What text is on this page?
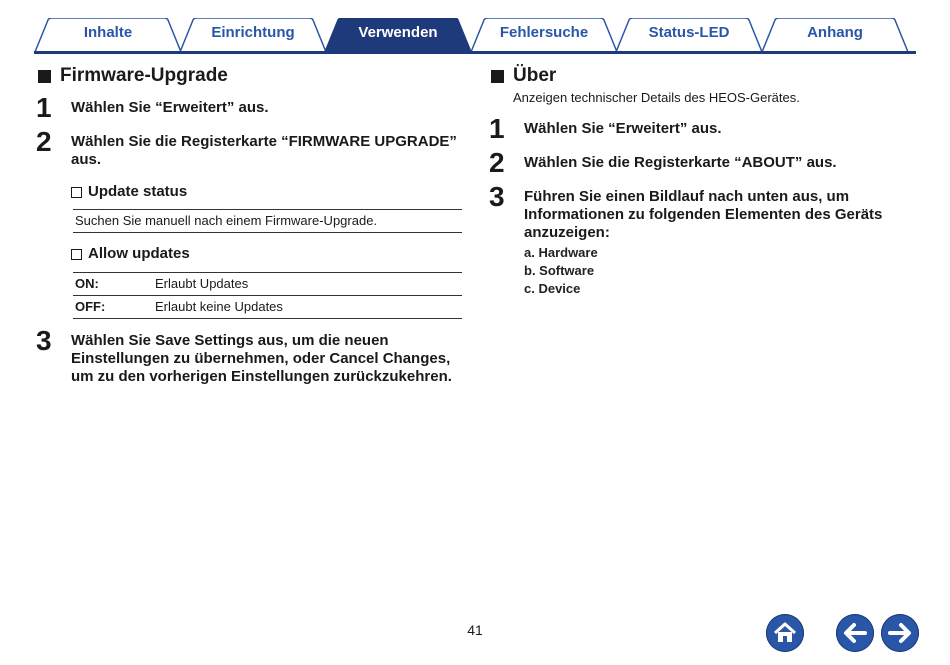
Inhalte	Einrichtung	Verwenden	Fehlersuche	Status-LED	Anhang
Firmware-Upgrade
1 Wählen Sie “Erweitert” aus.
2 Wählen Sie die Registerkarte “FIRMWARE UPGRADE” aus.
Update status
Suchen Sie manuell nach einem Firmware-Upgrade.
Allow updates
ON:	Erlaubt Updates
OFF:	Erlaubt keine Updates
3 Wählen Sie Save Settings aus, um die neuen Einstellungen zu übernehmen, oder Cancel Changes, um zu den vorherigen Einstellungen zurückzukehren.
Über
Anzeigen technischer Details des HEOS-Gerätes.
1 Wählen Sie “Erweitert” aus.
2 Wählen Sie die Registerkarte “ABOUT” aus.
3 Führen Sie einen Bildlauf nach unten aus, um Informationen zu folgenden Elementen des Geräts anzuzeigen:
a. Hardware
b. Software
c. Device
41
